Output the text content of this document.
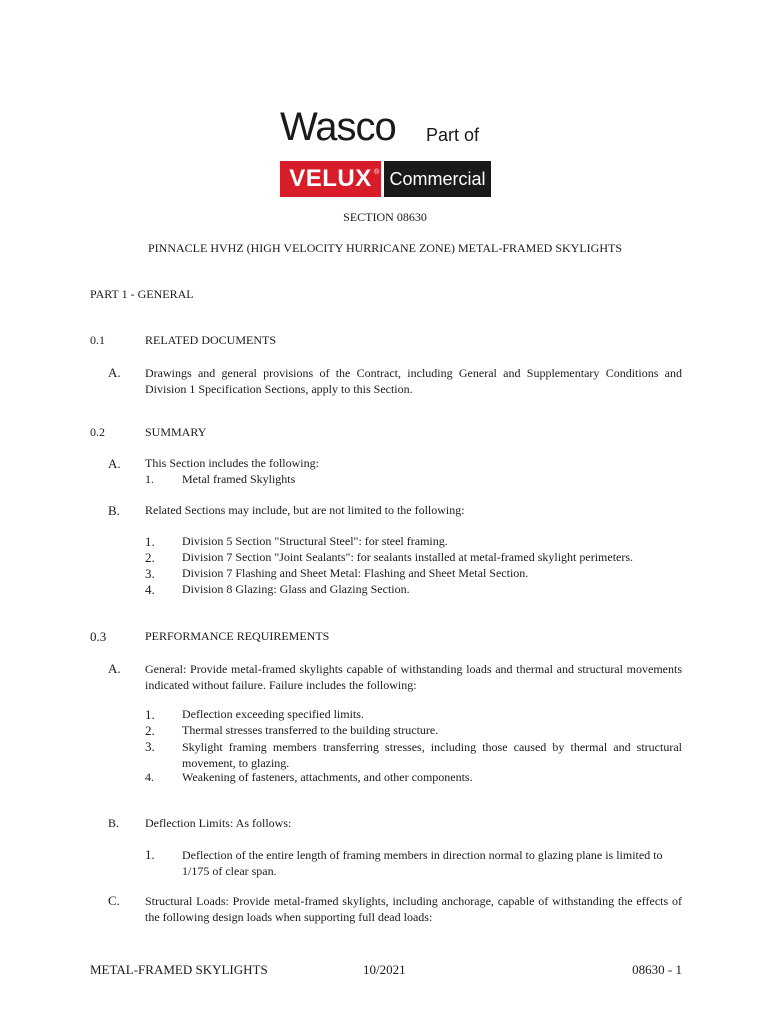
Wasco Part of
VELUX ® Commercial
SECTION 08630
PINNACLE HVHZ (HIGH VELOCITY HURRICANE ZONE) METAL-FRAMED SKYLIGHTS
PART 1 - GENERAL
0.1	RELATED DOCUMENTS
A. Drawings and general provisions of the Contract, including General and Supplementary Conditions and Division 1 Specification Sections, apply to this Section.
0.2	SUMMARY
A. This Section includes the following:
1. Metal framed Skylights
B. Related Sections may include, but are not limited to the following:
1. Division 5 Section "Structural Steel": for steel framing.
2. Division 7 Section "Joint Sealants": for sealants installed at metal-framed skylight perimeters.
3. Division 7 Flashing and Sheet Metal: Flashing and Sheet Metal Section.
4. Division 8 Glazing: Glass and Glazing Section.
0.3	PERFORMANCE REQUIREMENTS
A. General: Provide metal-framed skylights capable of withstanding loads and thermal and structural movements indicated without failure. Failure includes the following:
1. Deflection exceeding specified limits.
2. Thermal stresses transferred to the building structure.
3. Skylight framing members transferring stresses, including those caused by thermal and structural movement, to glazing.
4. Weakening of fasteners, attachments, and other components.
B. Deflection Limits: As follows:
1. Deflection of the entire length of framing members in direction normal to glazing plane is limited to 1/175 of clear span.
C. Structural Loads: Provide metal-framed skylights, including anchorage, capable of withstanding the effects of the following design loads when supporting full dead loads:
METAL-FRAMED SKYLIGHTS	10/2021	08630 - 1
